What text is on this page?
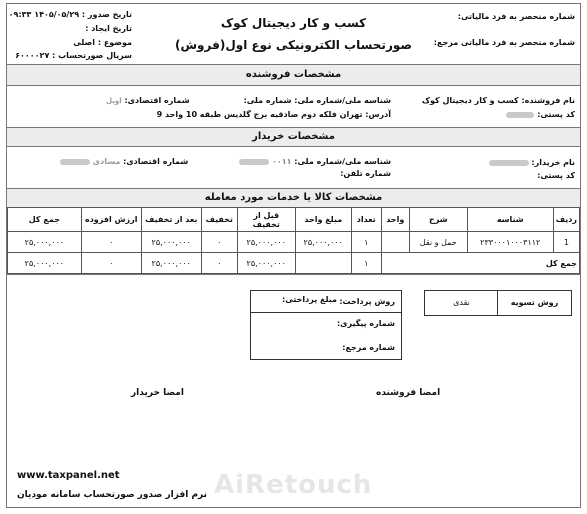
شماره منحصر به فرد مالیاتی:
شماره منحصر به فرد مالیاتی مرجع:
کسب و کار دیجیتال کوک
صورتحساب الکترونیکی نوع اول(فروش)
تاریخ صدور : ۱۴۰۵/۰۵/۲۹ ۰۹:۳۳
تاریخ ایجاد :
موضوع : اصلی
سریال صورتحساب : ۶۰۰۰۰۲۷
مشخصات فروشنده
نام فروشنده: کسب و کار دیجیتال کوک
شناسه ملی/شماره ملی: شماره ملی:
شماره اقتصادی: اوپل
کد پستی:
آدرس: تهران فلکه دوم صادقیه برج گلدیس طبقه 10 واحد 9
مشخصات خریدار
نام خریدار:
شناسه ملی/شماره ملی: ۰۰۱۱
شماره اقتصادی: مسادی
کد پستی:
شماره تلفن:
مشخصات کالا یا خدمات مورد معامله
ردیف	شناسه	شرح	واحد	تعداد	مبلغ واحد	قبل از تخفیف	تخفیف	بعد از تخفیف	ارزش افزوده	جمع کل
1	۲۳۳۰۰۰۱۰۰۰۳۱۱۲	حمل و نقل		۱	۲۵,۰۰۰,۰۰۰	۲۵,۰۰۰,۰۰۰	۰	۲۵,۰۰۰,۰۰۰	۰	۲۵,۰۰۰,۰۰۰
جمع کل				۱		۲۵,۰۰۰,۰۰۰	۰	۲۵,۰۰۰,۰۰۰	۰	۲۵,۰۰۰,۰۰۰
روش تسویه
نقدی
روش پرداخت:
مبلغ پرداختی:
شماره پیگیری:
شماره مرجع:
امضا فروشنده
امضا خریدار
www.taxpanel.net
نرم افزار صدور صورتحساب سامانه مودیان AiRetouch
